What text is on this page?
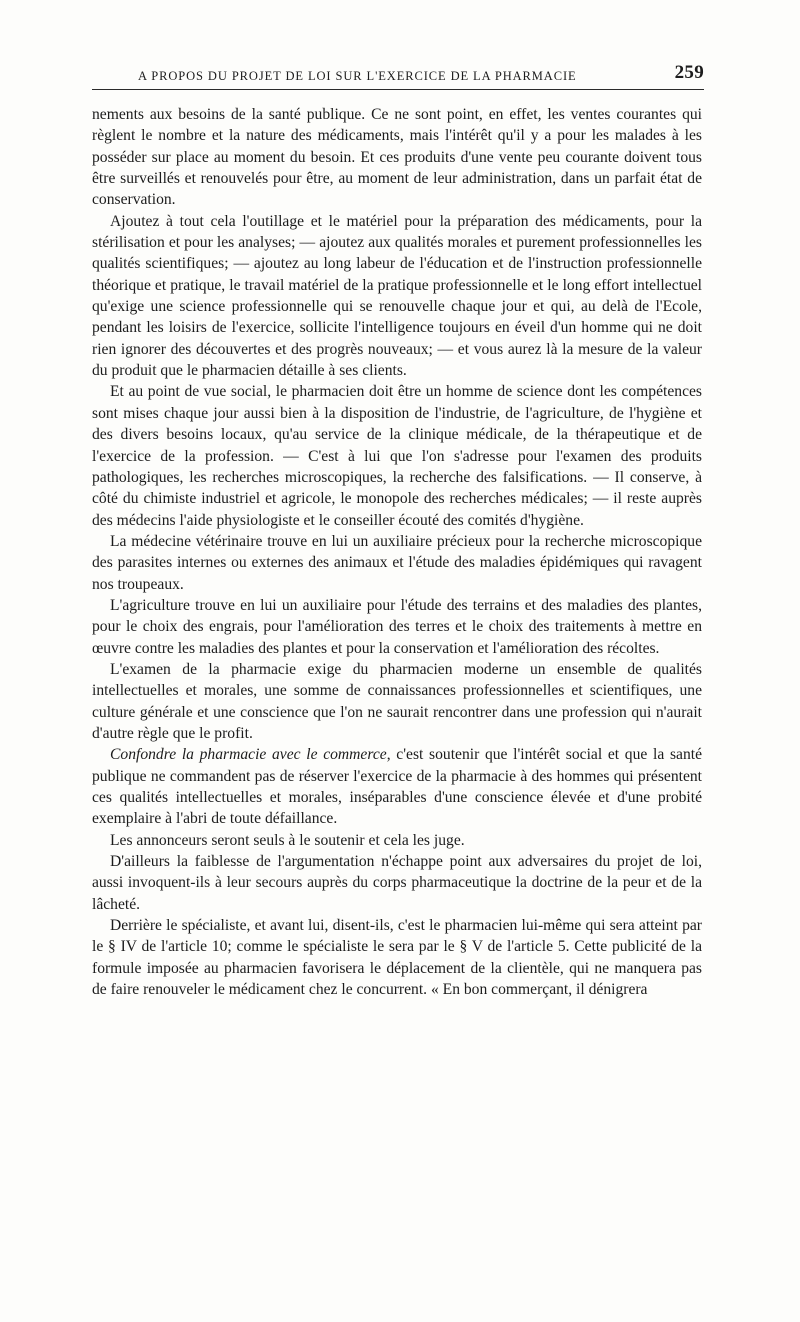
A PROPOS DU PROJET DE LOI SUR L'EXERCICE DE LA PHARMACIE	259

nements aux besoins de la santé publique. Ce ne sont point, en effet, les ventes courantes qui règlent le nombre et la nature des médicaments, mais l'intérêt qu'il y a pour les malades à les posséder sur place au moment du besoin. Et ces produits d'une vente peu courante doivent tous être surveillés et renouvelés pour être, au moment de leur administration, dans un parfait état de conservation.

Ajoutez à tout cela l'outillage et le matériel pour la préparation des médicaments, pour la stérilisation et pour les analyses; — ajoutez aux qualités morales et purement professionnelles les qualités scientifiques; — ajoutez au long labeur de l'éducation et de l'instruction professionnelle théorique et pratique, le travail matériel de la pratique professionnelle et le long effort intellectuel qu'exige une science professionnelle qui se renouvelle chaque jour et qui, au delà de l'Ecole, pendant les loisirs de l'exercice, sollicite l'intelligence toujours en éveil d'un homme qui ne doit rien ignorer des découvertes et des progrès nouveaux; — et vous aurez là la mesure de la valeur du produit que le pharmacien détaille à ses clients.

Et au point de vue social, le pharmacien doit être un homme de science dont les compétences sont mises chaque jour aussi bien à la disposition de l'industrie, de l'agriculture, de l'hygiène et des divers besoins locaux, qu'au service de la clinique médicale, de la thérapeutique et de l'exercice de la profession. — C'est à lui que l'on s'adresse pour l'examen des produits pathologiques, les recherches microscopiques, la recherche des falsifications. — Il conserve, à côté du chimiste industriel et agricole, le monopole des recherches médicales; — il reste auprès des médecins l'aide physiologiste et le conseiller écouté des comités d'hygiène.

La médecine vétérinaire trouve en lui un auxiliaire précieux pour la recherche microscopique des parasites internes ou externes des animaux et l'étude des maladies épidémiques qui ravagent nos troupeaux.

L'agriculture trouve en lui un auxiliaire pour l'étude des terrains et des maladies des plantes, pour le choix des engrais, pour l'amélioration des terres et le choix des traitements à mettre en œuvre contre les maladies des plantes et pour la conservation et l'amélioration des récoltes.

L'examen de la pharmacie exige du pharmacien moderne un ensemble de qualités intellectuelles et morales, une somme de connaissances professionnelles et scientifiques, une culture générale et une conscience que l'on ne saurait rencontrer dans une profession qui n'aurait d'autre règle que le profit.

Confondre la pharmacie avec le commerce, c'est soutenir que l'intérêt social et que la santé publique ne commandent pas de réserver l'exercice de la pharmacie à des hommes qui présentent ces qualités intellectuelles et morales, inséparables d'une conscience élevée et d'une probité exemplaire à l'abri de toute défaillance.

Les annonceurs seront seuls à le soutenir et cela les juge.

D'ailleurs la faiblesse de l'argumentation n'échappe point aux adversaires du projet de loi, aussi invoquent-ils à leur secours auprès du corps pharmaceutique la doctrine de la peur et de la lâcheté.

Derrière le spécialiste, et avant lui, disent-ils, c'est le pharmacien lui-même qui sera atteint par le § IV de l'article 10; comme le spécialiste le sera par le § V de l'article 5. Cette publicité de la formule imposée au pharmacien favorisera le déplacement de la clientèle, qui ne manquera pas de faire renouveler le médicament chez le concurrent. « En bon commerçant, il dénigrera
